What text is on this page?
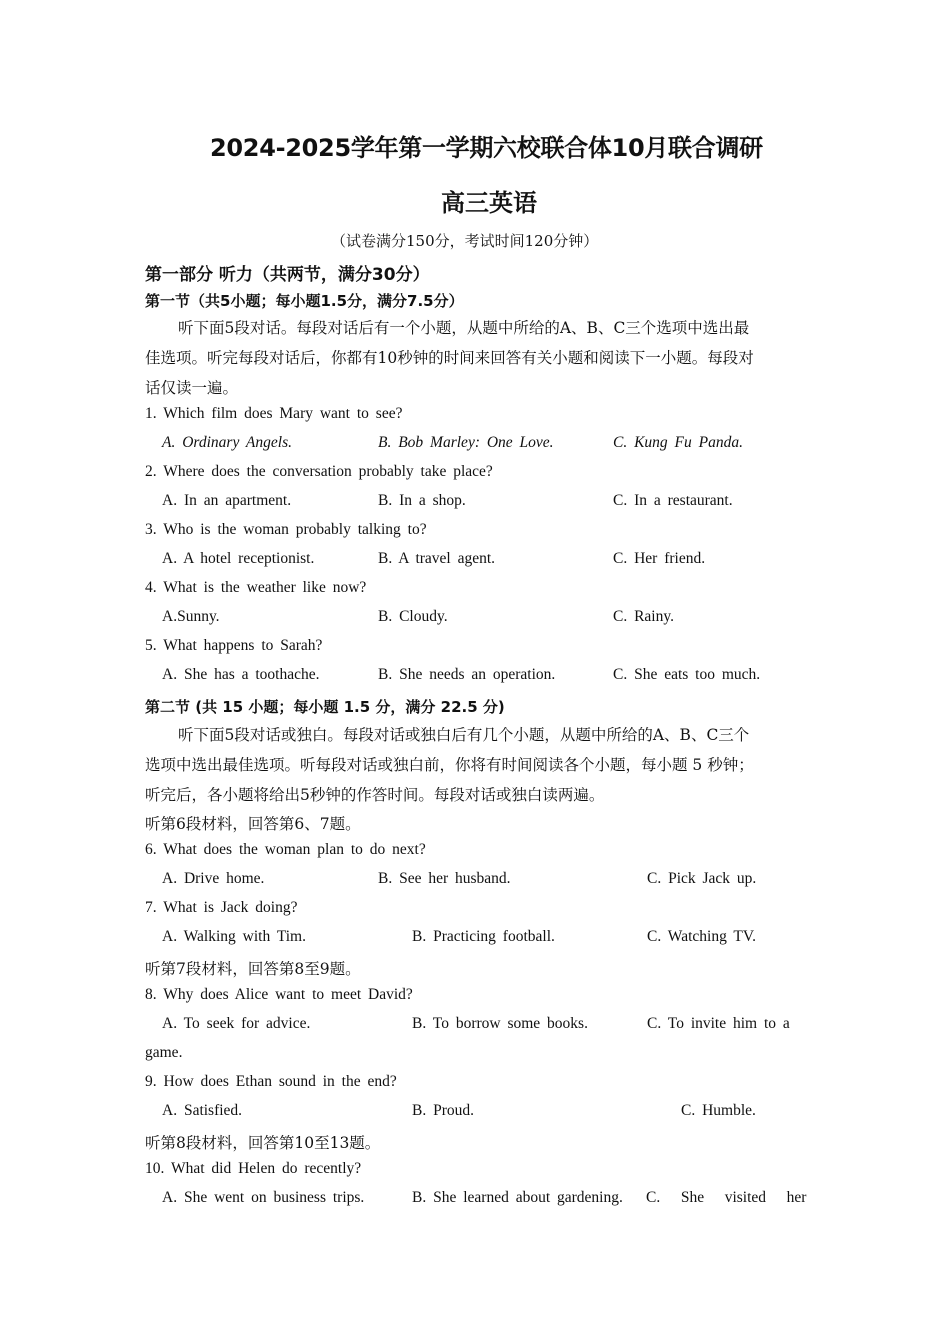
2024-2025学年第一学期六校联合体10月联合调研
高三英语
（试卷满分150分，考试时间120分钟）
第一部分 听力（共两节，满分30分）
第一节（共5小题；每小题1.5分，满分7.5分）
听下面5段对话。每段对话后有一个小题，从题中所给的A、B、C三个选项中选出最
佳选项。听完每段对话后，你都有10秒钟的时间来回答有关小题和阅读下一小题。每段对
话仅读一遍。
1. Which film does Mary want to see?
A. Ordinary Angels.	B. Bob Marley: One Love.	C. Kung Fu Panda.
2. Where does the conversation probably take place?
A. In an apartment.	B. In a shop.	C. In a restaurant.
3. Who is the woman probably talking to?
A. A hotel receptionist.	B. A travel agent.	C. Her friend.
4. What is the weather like now?
A.Sunny.	B. Cloudy.	C. Rainy.
5. What happens to Sarah?
A. She has a toothache.	B. She needs an operation.	C. She eats too much.
第二节 (共 15 小题；每小题 1.5 分，满分 22.5 分)
听下面5段对话或独白。每段对话或独白后有几个小题，从题中所给的A、B、C三个
选项中选出最佳选项。听每段对话或独白前，你将有时间阅读各个小题，每小题 5 秒钟；
听完后，各小题将给出5秒钟的作答时间。每段对话或独白读两遍。
听第6段材料，回答第6、7题。
6. What does the woman plan to do next?
A. Drive home.	B. See her husband.	C. Pick Jack up.
7. What is Jack doing?
A. Walking with Tim.	B. Practicing football.	C. Watching TV.
听第7段材料，回答第8至9题。
8. Why does Alice want to meet David?
A. To seek for advice.	B. To borrow some books.	C. To invite him to a
game.
9. How does Ethan sound in the end?
A. Satisfied.	B. Proud.	C. Humble.
听第8段材料，回答第10至13题。
10. What did Helen do recently?
A. She went on business trips.	B. She learned about gardening. C.   She   visited   her
